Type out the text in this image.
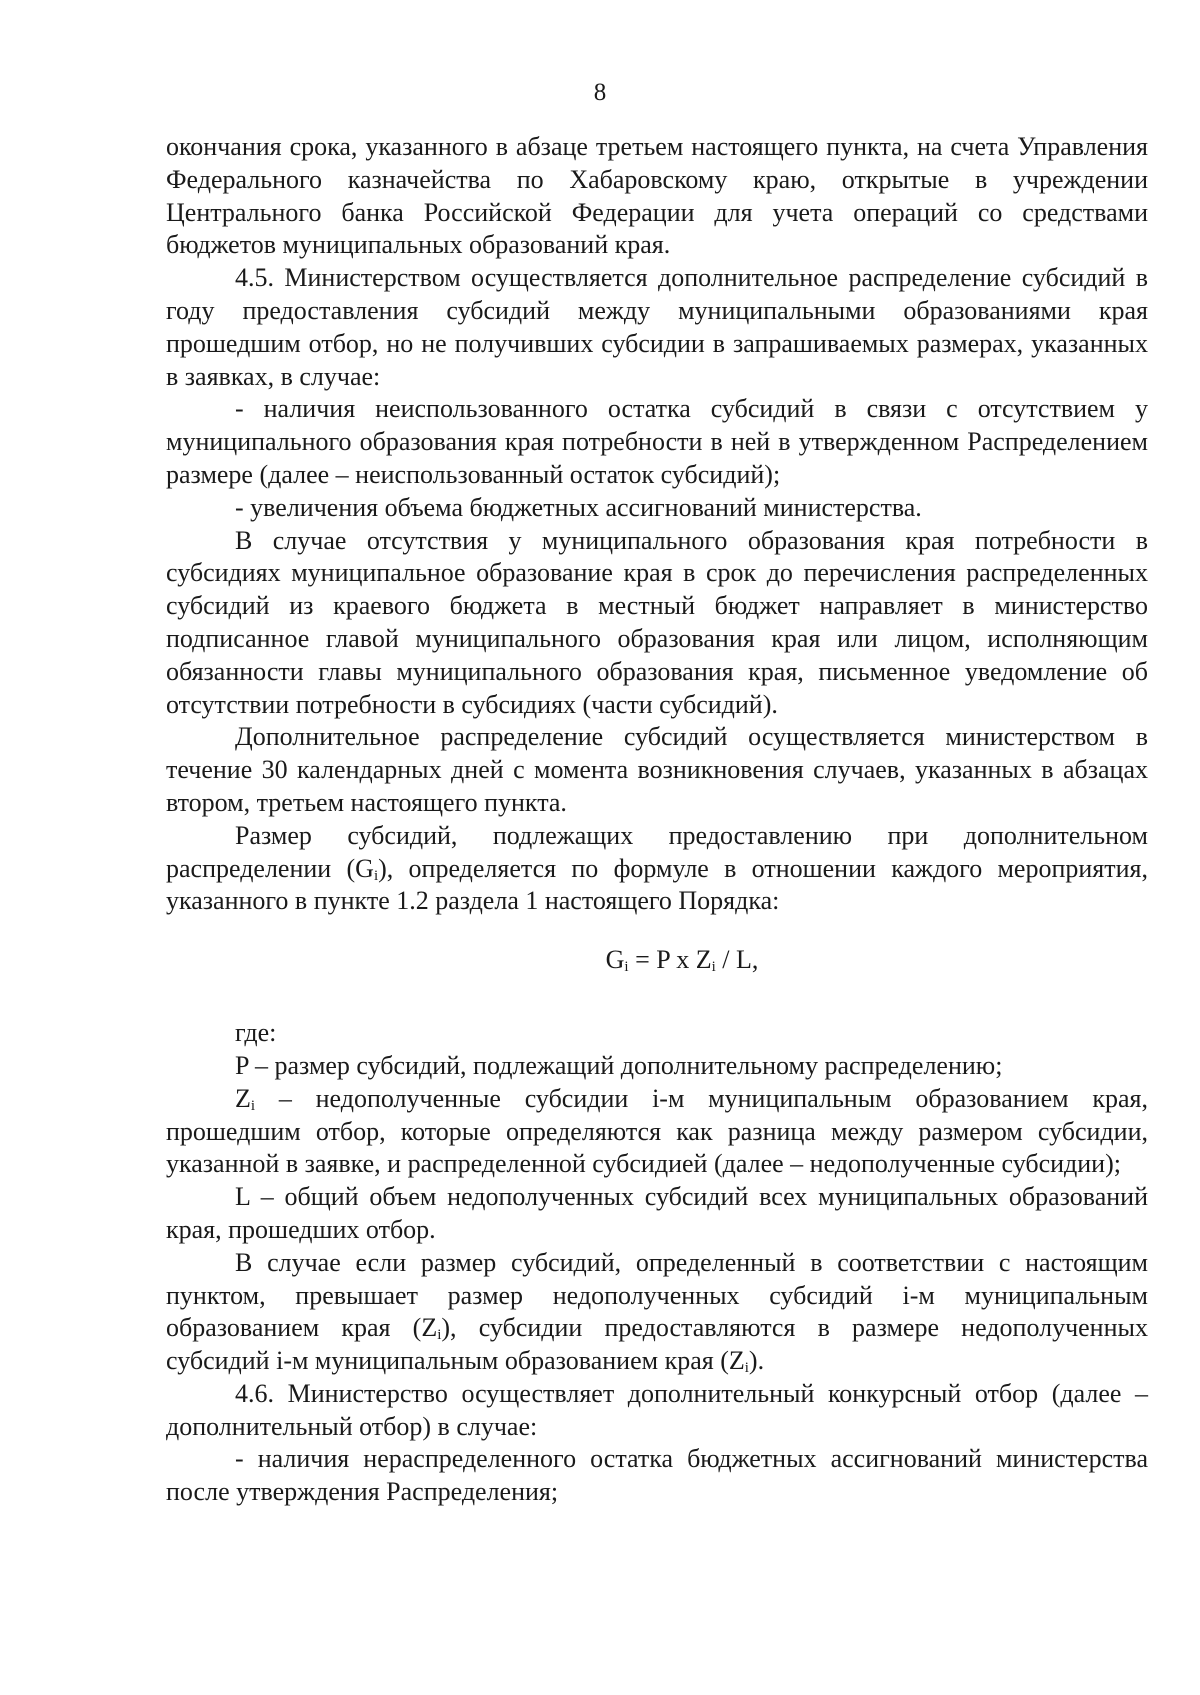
8

окончания срока, указанного в абзаце третьем настоящего пункта, на счета Управления Федерального казначейства по Хабаровскому краю, открытые в учреждении Центрального банка Российской Федерации для учета операций со средствами бюджетов муниципальных образований края.

4.5. Министерством осуществляется дополнительное распределение субсидий в году предоставления субсидий между муниципальными образованиями края прошедшим отбор, но не получивших субсидии в запрашиваемых размерах, указанных в заявках, в случае:

- наличия неиспользованного остатка субсидий в связи с отсутствием у муниципального образования края потребности в ней в утвержденном Распределением размере (далее – неиспользованный остаток субсидий);

- увеличения объема бюджетных ассигнований министерства.

В случае отсутствия у муниципального образования края потребности в субсидиях муниципальное образование края в срок до перечисления распределенных субсидий из краевого бюджета в местный бюджет направляет в министерство подписанное главой муниципального образования края или лицом, исполняющим обязанности главы муниципального образования края, письменное уведомление об отсутствии потребности в субсидиях (части субсидий).

Дополнительное распределение субсидий осуществляется министерством в течение 30 календарных дней с момента возникновения случаев, указанных в абзацах втором, третьем настоящего пункта.

Размер субсидий, подлежащих предоставлению при дополнительном распределении $(G_i)$, определяется по формуле в отношении каждого мероприятия, указанного в пункте 1.2 раздела 1 настоящего Порядка:

$G_i = P$ x $Z_i$ / L,

где:

P – размер субсидий, подлежащий дополнительному распределению;

$Z_i$ – недополученные субсидии i-м муниципальным образованием края, прошедшим отбор, которые определяются как разница между размером субсидии, указанной в заявке, и распределенной субсидией (далее – недополученные субсидии);

L – общий объем недополученных субсидий всех муниципальных образований края, прошедших отбор.

В случае если размер субсидий, определенный в соответствии с настоящим пунктом, превышает размер недополученных субсидий i-м муниципальным образованием края $(Z_i)$, субсидии предоставляются в размере недополученных субсидий i-м муниципальным образованием края $(Z_i)$.

4.6. Министерство осуществляет дополнительный конкурсный отбор (далее – дополнительный отбор) в случае:

- наличия нераспределенного остатка бюджетных ассигнований министерства после утверждения Распределения;
